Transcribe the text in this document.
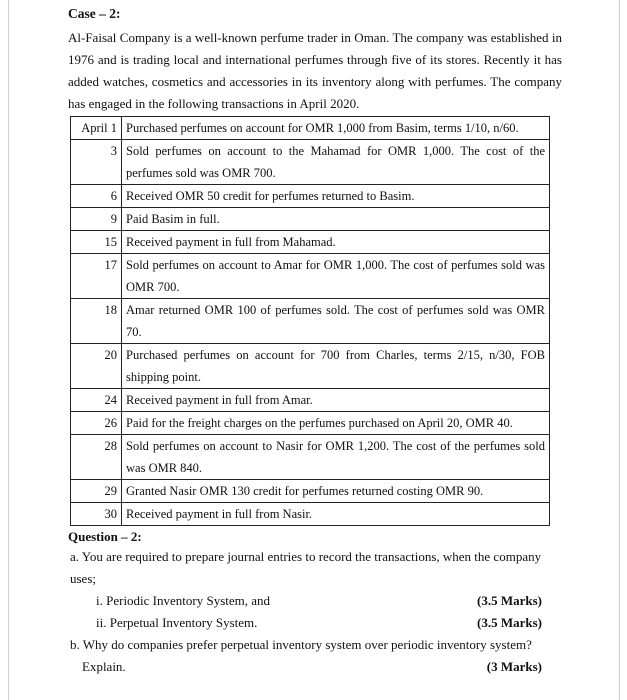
Case – 2:

Al-Faisal Company is a well-known perfume trader in Oman. The company was established in 1976 and is trading local and international perfumes through five of its stores. Recently it has added watches, cosmetics and accessories in its inventory along with perfumes. The company has engaged in the following transactions in April 2020.

April 1	Purchased perfumes on account for OMR 1,000 from Basim, terms 1/10, n/60.
3	Sold perfumes on account to the Mahamad for OMR 1,000. The cost of the perfumes sold was OMR 700.
6	Received OMR 50 credit for perfumes returned to Basim.
9	Paid Basim in full.
15	Received payment in full from Mahamad.
17	Sold perfumes on account to Amar for OMR 1,000. The cost of perfumes sold was OMR 700.
18	Amar returned OMR 100 of perfumes sold. The cost of perfumes sold was OMR 70.
20	Purchased perfumes on account for 700 from Charles, terms 2/15, n/30, FOB shipping point.
24	Received payment in full from Amar.
26	Paid for the freight charges on the perfumes purchased on April 20, OMR 40.
28	Sold perfumes on account to Nasir for OMR 1,200. The cost of the perfumes sold was OMR 840.
29	Granted Nasir OMR 130 credit for perfumes returned costing OMR 90.
30	Received payment in full from Nasir.

Question – 2:

a. You are required to prepare journal entries to record the transactions, when the company uses;
i. Periodic Inventory System, and	(3.5 Marks)
ii. Perpetual Inventory System.	(3.5 Marks)
b. Why do companies prefer perpetual inventory system over periodic inventory system?
Explain.	(3 Marks)
